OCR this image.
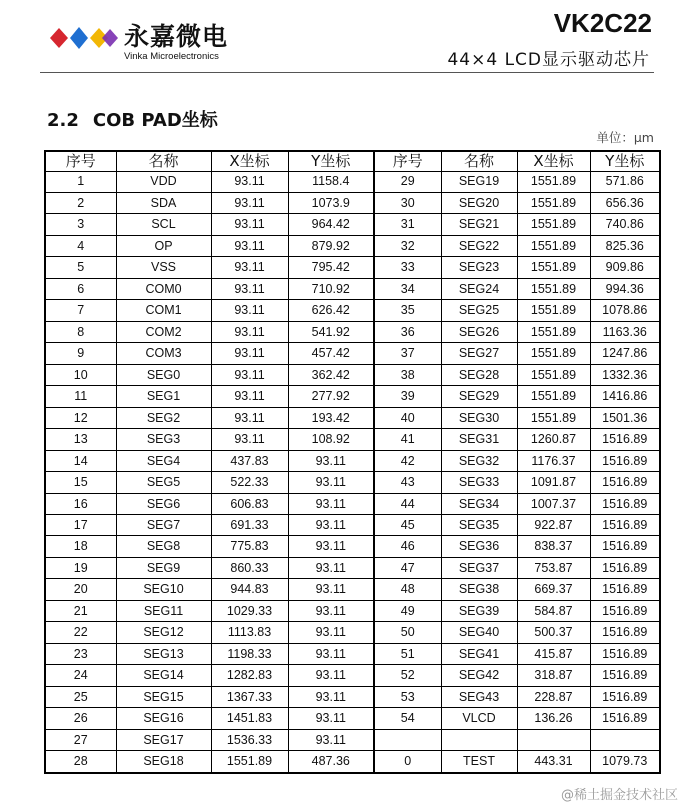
永嘉微电
Vinka Microelectronics
VK2C22
44×4 LCD显示驱动芯片
2.2 COB PAD坐标
单位：μm
序号	名称	X坐标	Y坐标	序号	名称	X坐标	Y坐标
1	VDD	93.11	1158.4	29	SEG19	1551.89	571.86
2	SDA	93.11	1073.9	30	SEG20	1551.89	656.36
3	SCL	93.11	964.42	31	SEG21	1551.89	740.86
4	OP	93.11	879.92	32	SEG22	1551.89	825.36
5	VSS	93.11	795.42	33	SEG23	1551.89	909.86
6	COM0	93.11	710.92	34	SEG24	1551.89	994.36
7	COM1	93.11	626.42	35	SEG25	1551.89	1078.86
8	COM2	93.11	541.92	36	SEG26	1551.89	1163.36
9	COM3	93.11	457.42	37	SEG27	1551.89	1247.86
10	SEG0	93.11	362.42	38	SEG28	1551.89	1332.36
11	SEG1	93.11	277.92	39	SEG29	1551.89	1416.86
12	SEG2	93.11	193.42	40	SEG30	1551.89	1501.36
13	SEG3	93.11	108.92	41	SEG31	1260.87	1516.89
14	SEG4	437.83	93.11	42	SEG32	1176.37	1516.89
15	SEG5	522.33	93.11	43	SEG33	1091.87	1516.89
16	SEG6	606.83	93.11	44	SEG34	1007.37	1516.89
17	SEG7	691.33	93.11	45	SEG35	922.87	1516.89
18	SEG8	775.83	93.11	46	SEG36	838.37	1516.89
19	SEG9	860.33	93.11	47	SEG37	753.87	1516.89
20	SEG10	944.83	93.11	48	SEG38	669.37	1516.89
21	SEG11	1029.33	93.11	49	SEG39	584.87	1516.89
22	SEG12	1113.83	93.11	50	SEG40	500.37	1516.89
23	SEG13	1198.33	93.11	51	SEG41	415.87	1516.89
24	SEG14	1282.83	93.11	52	SEG42	318.87	1516.89
25	SEG15	1367.33	93.11	53	SEG43	228.87	1516.89
26	SEG16	1451.83	93.11	54	VLCD	136.26	1516.89
27	SEG17	1536.33	93.11				
28	SEG18	1551.89	487.36	0	TEST	443.31	1079.73
@稀土掘金技术社区
